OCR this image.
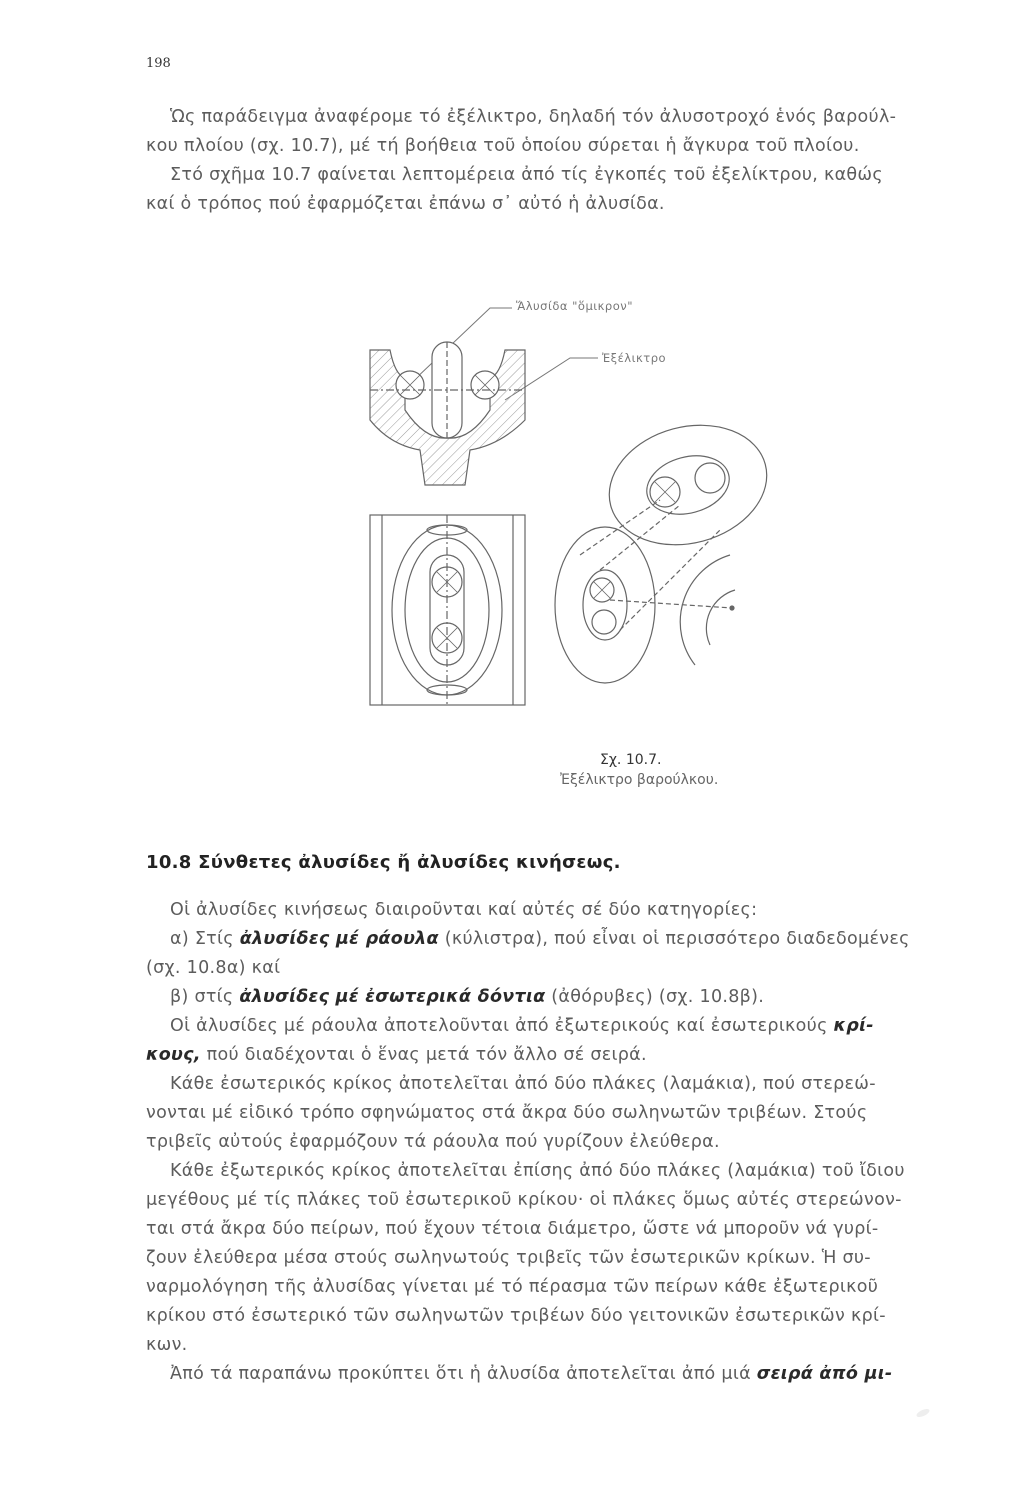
198
Ὡς παράδειγμα ἀναφέρομε τό ἐξέλικτρο, δηλαδή τόν ἀλυσοτροχό ἑνός βαρούλ-
κου πλοίου (σχ. 10.7), μέ τή βοήθεια τοῦ ὁποίου σύρεται ἡ ἄγκυρα τοῦ πλοίου.
Στό σχῆμα 10.7 φαίνεται λεπτομέρεια ἀπό τίς ἐγκοπές τοῦ ἐξελίκτρου, καθώς
καί ὁ τρόπος πού ἐφαρμόζεται ἐπάνω σ᾿ αὐτό ἡ ἀλυσίδα.
Ἅλυσίδα "ὅμικρον"
Ἐξέλικτρο
Σχ. 10.7.
Ἐξέλικτρο βαρούλκου.
10.8 Σύνθετες ἀλυσίδες ἤ ἀλυσίδες κινήσεως.
Οἱ ἀλυσίδες κινήσεως διαιροῦνται καί αὐτές σέ δύο κατηγορίες:
α) Στίς ἀλυσίδες μέ ράουλα (κύλιστρα), πού εἶναι οἱ περισσότερο διαδεδομένες
(σχ. 10.8α) καί
β) στίς ἀλυσίδες μέ ἐσωτερικά δόντια (ἀθόρυβες) (σχ. 10.8β).
Οἱ ἀλυσίδες μέ ράουλα ἀποτελοῦνται ἀπό ἐξωτερικούς καί ἐσωτερικούς κρί-
κους, πού διαδέχονται ὁ ἕνας μετά τόν ἄλλο σέ σειρά.
Κάθε ἐσωτερικός κρίκος ἀποτελεῖται ἀπό δύο πλάκες (λαμάκια), πού στερεώ-
νονται μέ εἰδικό τρόπο σφηνώματος στά ἄκρα δύο σωληνωτῶν τριβέων. Στούς
τριβεῖς αὐτούς ἐφαρμόζουν τά ράουλα πού γυρίζουν ἐλεύθερα.
Κάθε ἐξωτερικός κρίκος ἀποτελεῖται ἐπίσης ἀπό δύο πλάκες (λαμάκια) τοῦ ἴδιου
μεγέθους μέ τίς πλάκες τοῦ ἐσωτερικοῦ κρίκου· οἱ πλάκες ὅμως αὐτές στερεώνον-
ται στά ἄκρα δύο πείρων, πού ἔχουν τέτοια διάμετρο, ὥστε νά μποροῦν νά γυρί-
ζουν ἐλεύθερα μέσα στούς σωληνωτούς τριβεῖς τῶν ἐσωτερικῶν κρίκων. Ἡ συ-
ναρμολόγηση τῆς ἀλυσίδας γίνεται μέ τό πέρασμα τῶν πείρων κάθε ἐξωτερικοῦ
κρίκου στό ἐσωτερικό τῶν σωληνωτῶν τριβέων δύο γειτονικῶν ἐσωτερικῶν κρί-
κων.
Ἀπό τά παραπάνω προκύπτει ὅτι ἡ ἀλυσίδα ἀποτελεῖται ἀπό μιά σειρά ἀπό μι-
